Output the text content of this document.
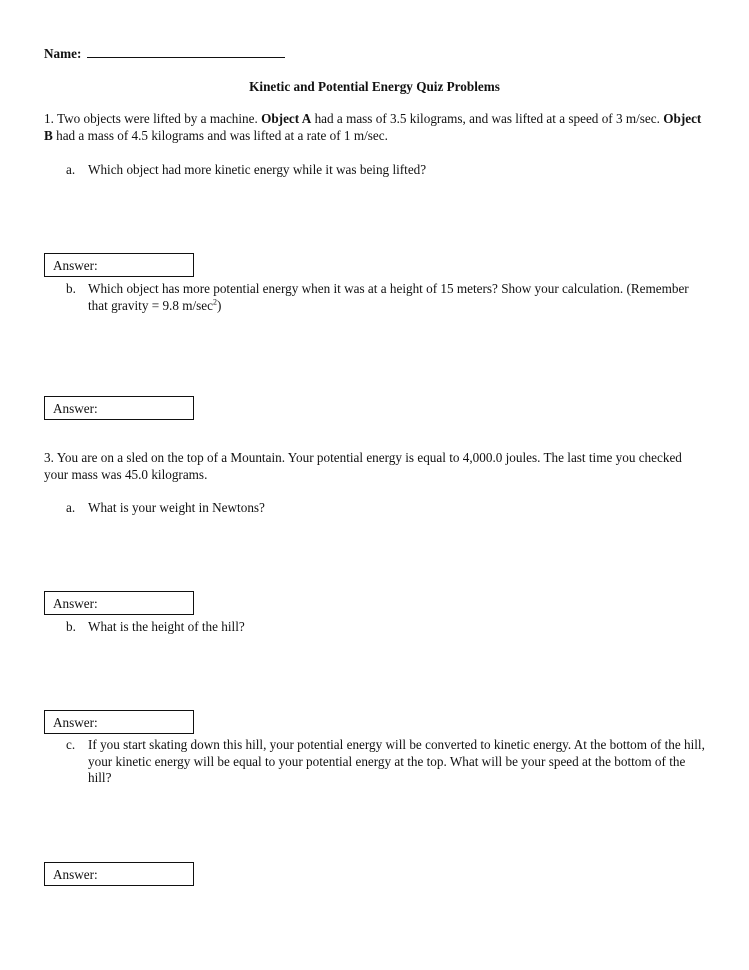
Name:
Kinetic and Potential Energy Quiz Problems
1. Two objects were lifted by a machine. Object A had a mass of 3.5 kilograms, and was lifted at a speed of 3 m/sec. Object B had a mass of 4.5 kilograms and was lifted at a rate of 1 m/sec.
a. Which object had more kinetic energy while it was being lifted?
Answer:
b. Which object has more potential energy when it was at a height of 15 meters? Show your calculation. (Remember that gravity = 9.8 $m/\sec^2$)
Answer:
3. You are on a sled on the top of a Mountain. Your potential energy is equal to 4,000.0 joules. The last time you checked your mass was 45.0 kilograms.
a. What is your weight in Newtons?
Answer:
b. What is the height of the hill?
Answer:
c. If you start skating down this hill, your potential energy will be converted to kinetic energy. At the bottom of the hill, your kinetic energy will be equal to your potential energy at the top. What will be your speed at the bottom of the hill?
Answer:
